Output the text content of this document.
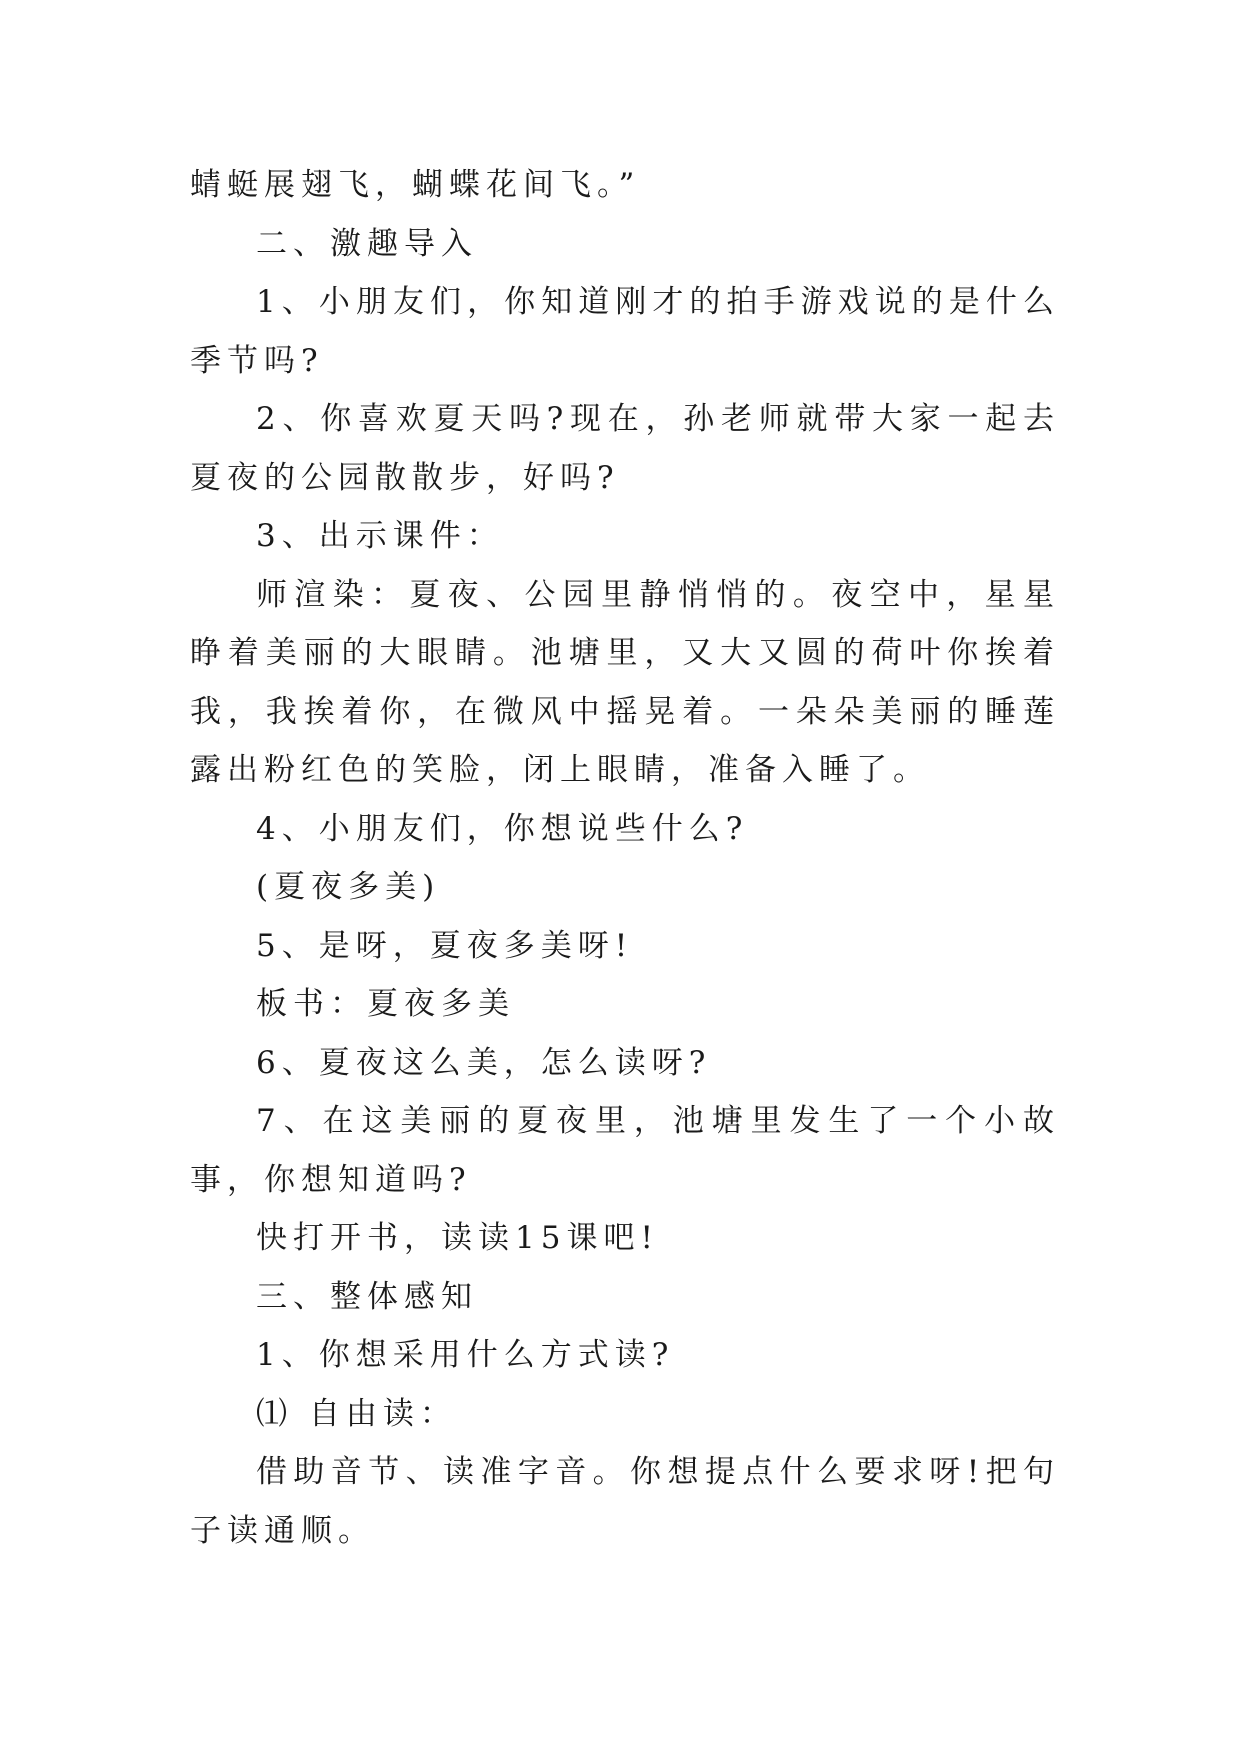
蜻蜓展翅飞，蝴蝶花间飞。”

二、激趣导入

1、小朋友们，你知道刚才的拍手游戏说的是什么季节吗?

2、你喜欢夏天吗?现在，孙老师就带大家一起去夏夜的公园散散步，好吗?

3、出示课件：

师渲染：夏夜、公园里静悄悄的。夜空中，星星睁着美丽的大眼睛。池塘里，又大又圆的荷叶你挨着我，我挨着你，在微风中摇晃着。一朵朵美丽的睡莲露出粉红色的笑脸，闭上眼睛，准备入睡了。

4、小朋友们，你想说些什么?

(夏夜多美)

5、是呀，夏夜多美呀!

板书：夏夜多美

6、夏夜这么美，怎么读呀?

7、在这美丽的夏夜里，池塘里发生了一个小故事，你想知道吗?

快打开书，读读15课吧!

三、整体感知

1、你想采用什么方式读?

⑴ 自由读：

借助音节、读准字音。你想提点什么要求呀!把句子读通顺。
